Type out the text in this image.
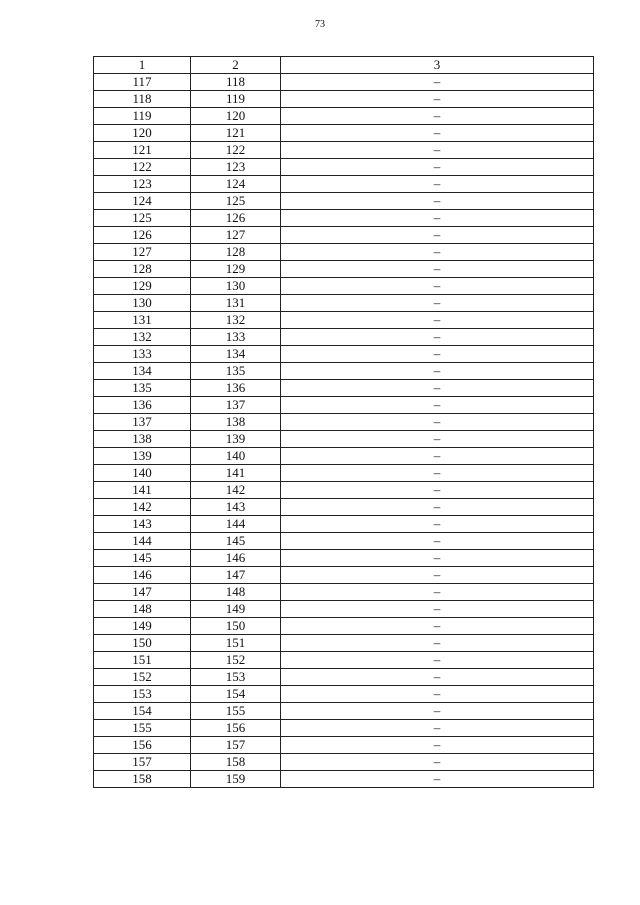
73
1	2	3
117	118	–
118	119	–
119	120	–
120	121	–
121	122	–
122	123	–
123	124	–
124	125	–
125	126	–
126	127	–
127	128	–
128	129	–
129	130	–
130	131	–
131	132	–
132	133	–
133	134	–
134	135	–
135	136	–
136	137	–
137	138	–
138	139	–
139	140	–
140	141	–
141	142	–
142	143	–
143	144	–
144	145	–
145	146	–
146	147	–
147	148	–
148	149	–
149	150	–
150	151	–
151	152	–
152	153	–
153	154	–
154	155	–
155	156	–
156	157	–
157	158	–
158	159	–
